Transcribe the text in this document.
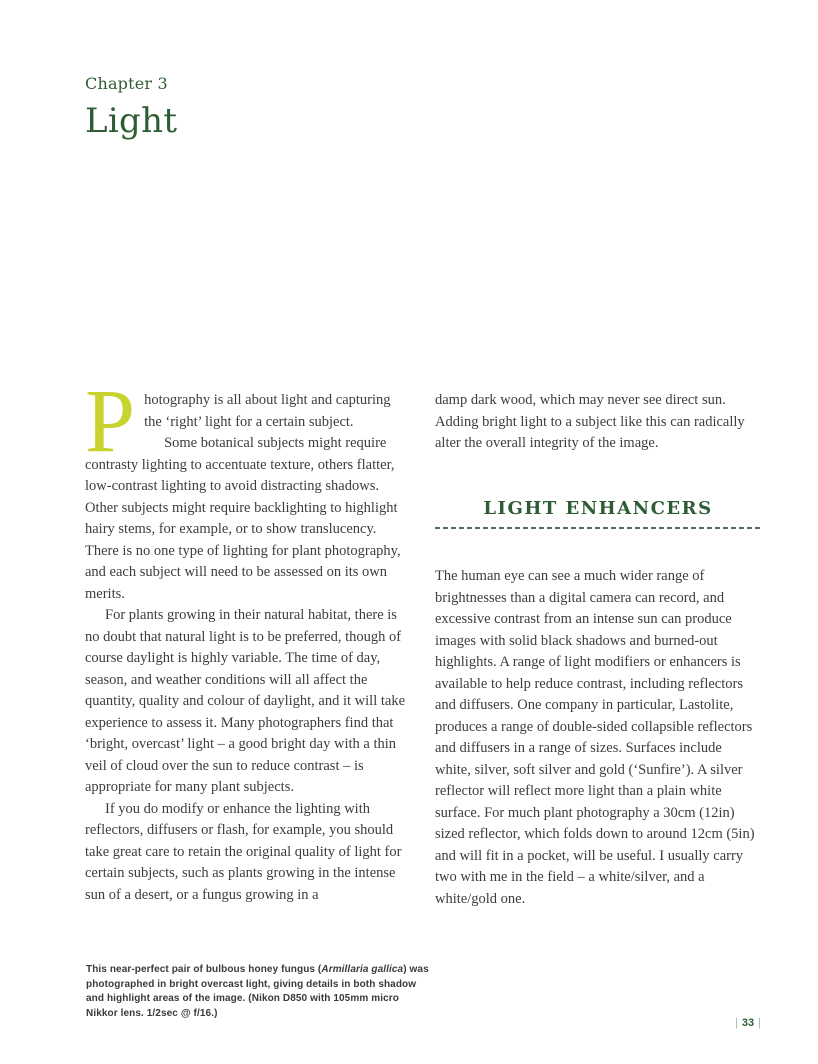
Chapter 3
Light

Photography is all about light and capturing the ‘right’ light for a certain subject.

Some botanical subjects might require contrasty lighting to accentuate texture, others flatter, low-contrast lighting to avoid distracting shadows. Other subjects might require backlighting to highlight hairy stems, for example, or to show translucency. There is no one type of lighting for plant photography, and each subject will need to be assessed on its own merits.

For plants growing in their natural habitat, there is no doubt that natural light is to be preferred, though of course daylight is highly variable. The time of day, season, and weather conditions will all affect the quantity, quality and colour of daylight, and it will take experience to assess it. Many photographers find that ‘bright, overcast’ light – a good bright day with a thin veil of cloud over the sun to reduce contrast – is appropriate for many plant subjects.

If you do modify or enhance the lighting with reflectors, diffusers or flash, for example, you should take great care to retain the original quality of light for certain subjects, such as plants growing in the intense sun of a desert, or a fungus growing in a

damp dark wood, which may never see direct sun. Adding bright light to a subject like this can radically alter the overall integrity of the image.

LIGHT ENHANCERS

The human eye can see a much wider range of brightnesses than a digital camera can record, and excessive contrast from an intense sun can produce images with solid black shadows and burned-out highlights. A range of light modifiers or enhancers is available to help reduce contrast, including reflectors and diffusers. One company in particular, Lastolite, produces a range of double-sided collapsible reflectors and diffusers in a range of sizes. Surfaces include white, silver, soft silver and gold (‘Sunfire’). A silver reflector will reflect more light than a plain white surface. For much plant photography a 30cm (12in) sized reflector, which folds down to around 12cm (5in) and will fit in a pocket, will be useful. I usually carry two with me in the field – a white/silver, and a white/gold one.

This near-perfect pair of bulbous honey fungus (Armillaria gallica) was photographed in bright overcast light, giving details in both shadow and highlight areas of the image. (Nikon D850 with 105mm micro Nikkor lens. 1/2sec @ f/16.)
| 33 |
